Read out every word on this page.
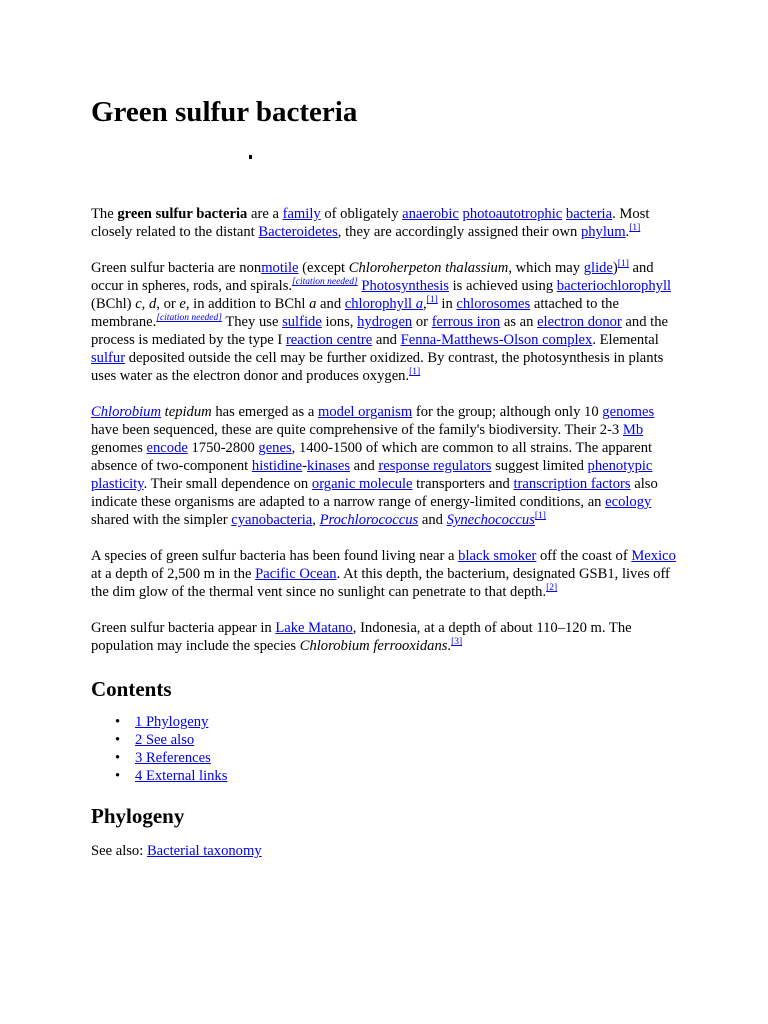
Green sulfur bacteria

The green sulfur bacteria are a family of obligately anaerobic photoautotrophic bacteria. Most closely related to the distant Bacteroidetes, they are accordingly assigned their own phylum.[1]

Green sulfur bacteria are nonmotile (except Chloroherpeton thalassium, which may glide)[1] and occur in spheres, rods, and spirals.[citation needed] Photosynthesis is achieved using bacteriochlorophyll (BChl) c, d, or e, in addition to BChl a and chlorophyll a,[1] in chlorosomes attached to the membrane.[citation needed] They use sulfide ions, hydrogen or ferrous iron as an electron donor and the process is mediated by the type I reaction centre and Fenna-Matthews-Olson complex. Elemental sulfur deposited outside the cell may be further oxidized. By contrast, the photosynthesis in plants uses water as the electron donor and produces oxygen.[1]

Chlorobium tepidum has emerged as a model organism for the group; although only 10 genomes have been sequenced, these are quite comprehensive of the family's biodiversity. Their 2-3 Mb genomes encode 1750-2800 genes, 1400-1500 of which are common to all strains. The apparent absence of two-component histidine-kinases and response regulators suggest limited phenotypic plasticity. Their small dependence on organic molecule transporters and transcription factors also indicate these organisms are adapted to a narrow range of energy-limited conditions, an ecology shared with the simpler cyanobacteria, Prochlorococcus and Synechococcus[1]

A species of green sulfur bacteria has been found living near a black smoker off the coast of Mexico at a depth of 2,500 m in the Pacific Ocean. At this depth, the bacterium, designated GSB1, lives off the dim glow of the thermal vent since no sunlight can penetrate to that depth.[2]

Green sulfur bacteria appear in Lake Matano, Indonesia, at a depth of about 110–120 m. The population may include the species Chlorobium ferrooxidans.[3]

Contents
• 1 Phylogeny
• 2 See also
• 3 References
• 4 External links
Phylogeny

See also: Bacterial taxonomy
